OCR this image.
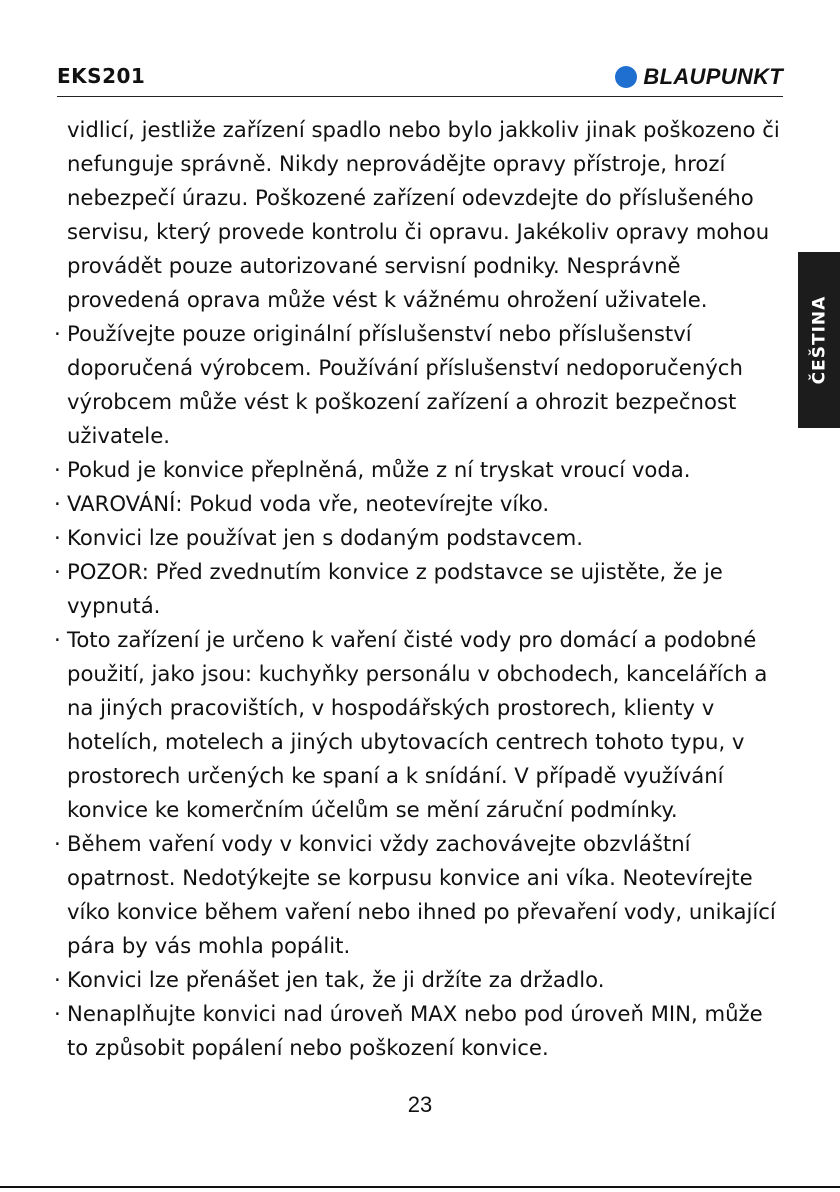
EKS201	BLAUPUNKT
ČEŠTINA

vidlicí, jestliže zařízení spadlo nebo bylo jakkoliv jinak poškozeno či nefunguje správně. Nikdy neprovádějte opravy přístroje, hrozí nebezpečí úrazu. Poškozené zařízení odevzdejte do příslušeného servisu, který provede kontrolu či opravu. Jakékoliv opravy mohou provádět pouze autorizované servisní podniky. Nesprávně provedená oprava může vést k vážnému ohrožení uživatele.

· Používejte pouze originální příslušenství nebo příslušenství doporučená výrobcem. Používání příslušenství nedoporučených výrobcem může vést k poškození zařízení a ohrozit bezpečnost uživatele.
· Pokud je konvice přeplněná, může z ní tryskat vroucí voda.
· VAROVÁNÍ: Pokud voda vře, neotevírejte víko.
· Konvici lze používat jen s dodaným podstavcem.
· POZOR: Před zvednutím konvice z podstavce se ujistěte, že je vypnutá.
· Toto zařízení je určeno k vaření čisté vody pro domácí a podobné použití, jako jsou: kuchyňky personálu v obchodech, kancelářích a na jiných pracovištích, v hospodářských prostorech, klienty v hotelích, motelech a jiných ubytovacích centrech tohoto typu, v prostorech určených ke spaní a k snídání. V případě využívání konvice ke komerčním účelům se mění záruční podmínky.
· Během vaření vody v konvici vždy zachovávejte obzvláštní opatrnost. Nedotýkejte se korpusu konvice ani víka. Neotevírejte víko konvice během vaření nebo ihned po převaření vody, unikající pára by vás mohla popálit.
· Konvici lze přenášet jen tak, že ji držíte za držadlo.
· Nenaplňujte konvici nad úroveň MAX nebo pod úroveň MIN, může to způsobit popálení nebo poškození konvice.
23
